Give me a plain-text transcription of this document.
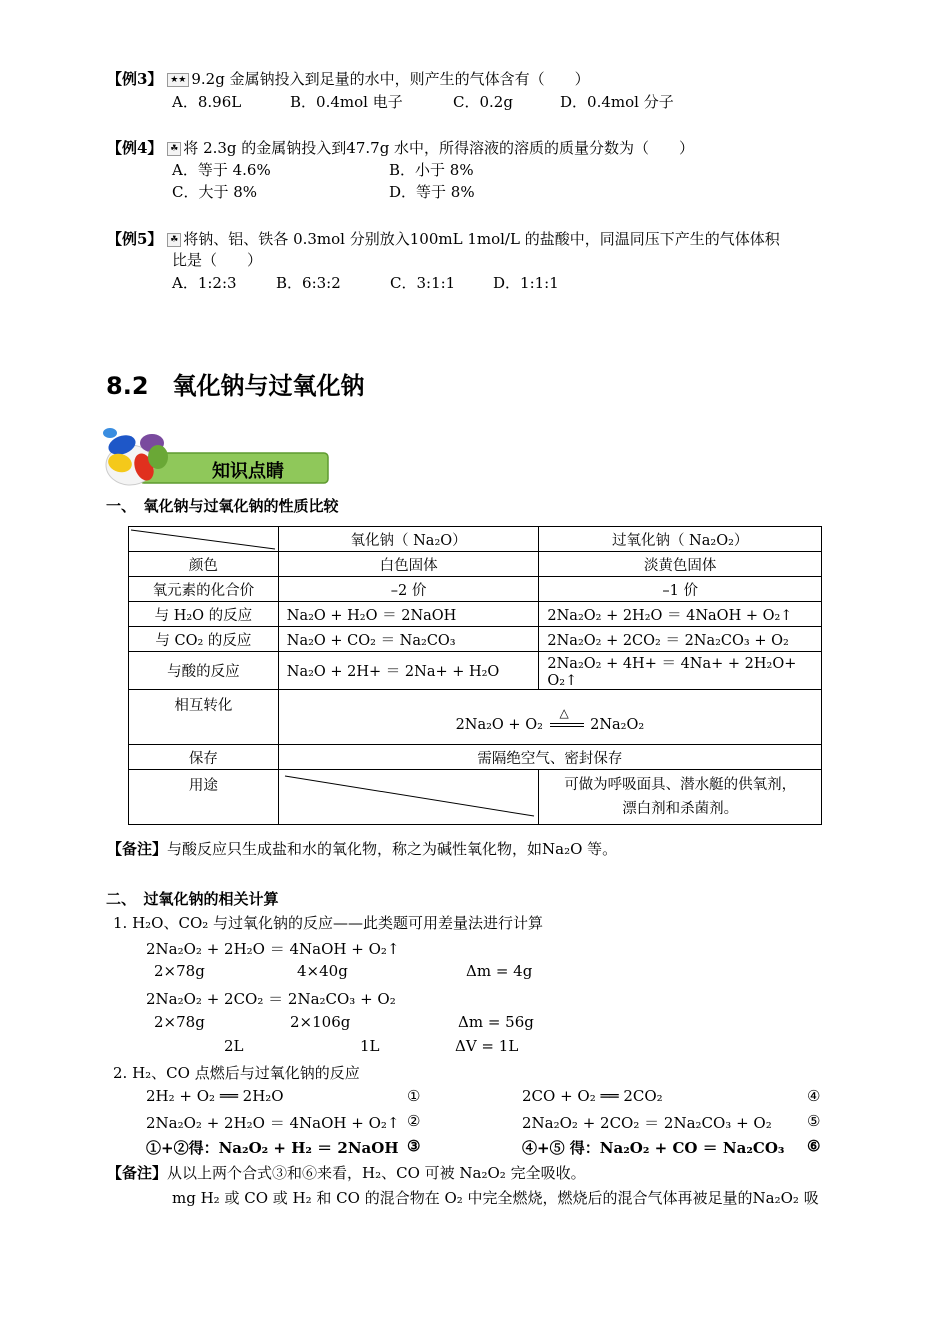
【例3】 ★★ 9.2g 金属钠投入到足量的水中，则产生的气体含有（　　）
A．8.96L	B．0.4mol 电子	C．0.2g	D．0.4mol 分子
【例4】 ☘ 将 2.3g 的金属钠投入到47.7g 水中，所得溶液的溶质的质量分数为（　　）
A．等于 4.6%	B．小于 8%
C．大于 8%	D．等于 8%
【例5】 ☘ 将钠、铝、铁各 0.3mol 分别放入100mL 1mol/L 的盐酸中，同温同压下产生的气体体积
比是（　　）
A．1:2:3	B．6:3:2	C．3:1:1	D．1:1:1
8.2　氧化钠与过氧化钠
知识点睛
一、　氧化钠与过氧化钠的性质比较
	氧化钠（ Na₂O）	过氧化钠（ Na₂O₂）
颜色	白色固体	淡黄色固体
氧元素的化合价	–2 价	–1 价
与 H₂O 的反应	Na₂O + H₂O ＝ 2NaOH	2Na₂O₂ + 2H₂O ＝ 4NaOH + O₂↑
与 CO₂ 的反应	Na₂O + CO₂ ＝ Na₂CO₃	2Na₂O₂ + 2CO₂ ＝ 2Na₂CO₃ + O₂
与酸的反应	Na₂O + 2H+ ＝ 2Na+ + H₂O	2Na₂O₂ + 4H+ ＝ 4Na+ + 2H₂O+ O₂↑
相互转化	2Na₂O + O₂
△
2Na₂O₂	
保存	需隔绝空气、密封保存	
用途		可做为呼吸面具、潜水艇的供氧剂，
漂白剂和杀菌剂。
【备注】与酸反应只生成盐和水的氧化物，称之为碱性氧化物，如Na₂O 等。
二、　过氧化钠的相关计算
1. H₂O、CO₂ 与过氧化钠的反应——此类题可用差量法进行计算
2Na₂O₂ + 2H₂O ＝ 4NaOH + O₂↑
2×78g	4×40g	Δm = 4g
2Na₂O₂ + 2CO₂ ＝ 2Na₂CO₃ + O₂
2×78g	2×106g	Δm = 56g
2L	1L	ΔV = 1L
2. H₂、CO 点燃后与过氧化钠的反应
2H₂ + O₂ ══ 2H₂O	①	2CO + O₂ ══ 2CO₂	④
2Na₂O₂ + 2H₂O ＝ 4NaOH + O₂↑ ②	2Na₂O₂ + 2CO₂ ＝ 2Na₂CO₃ + O₂ ⑤
①+②得：Na₂O₂ + H₂ ＝ 2NaOH ③	④+⑤ 得：Na₂O₂ + CO ＝ Na₂CO₃ ⑥
【备注】从以上两个合式③和⑥来看，H₂、CO 可被 Na₂O₂ 完全吸收。
mg H₂ 或 CO 或 H₂ 和 CO 的混合物在 O₂ 中完全燃烧，燃烧后的混合气体再被足量的Na₂O₂ 吸
